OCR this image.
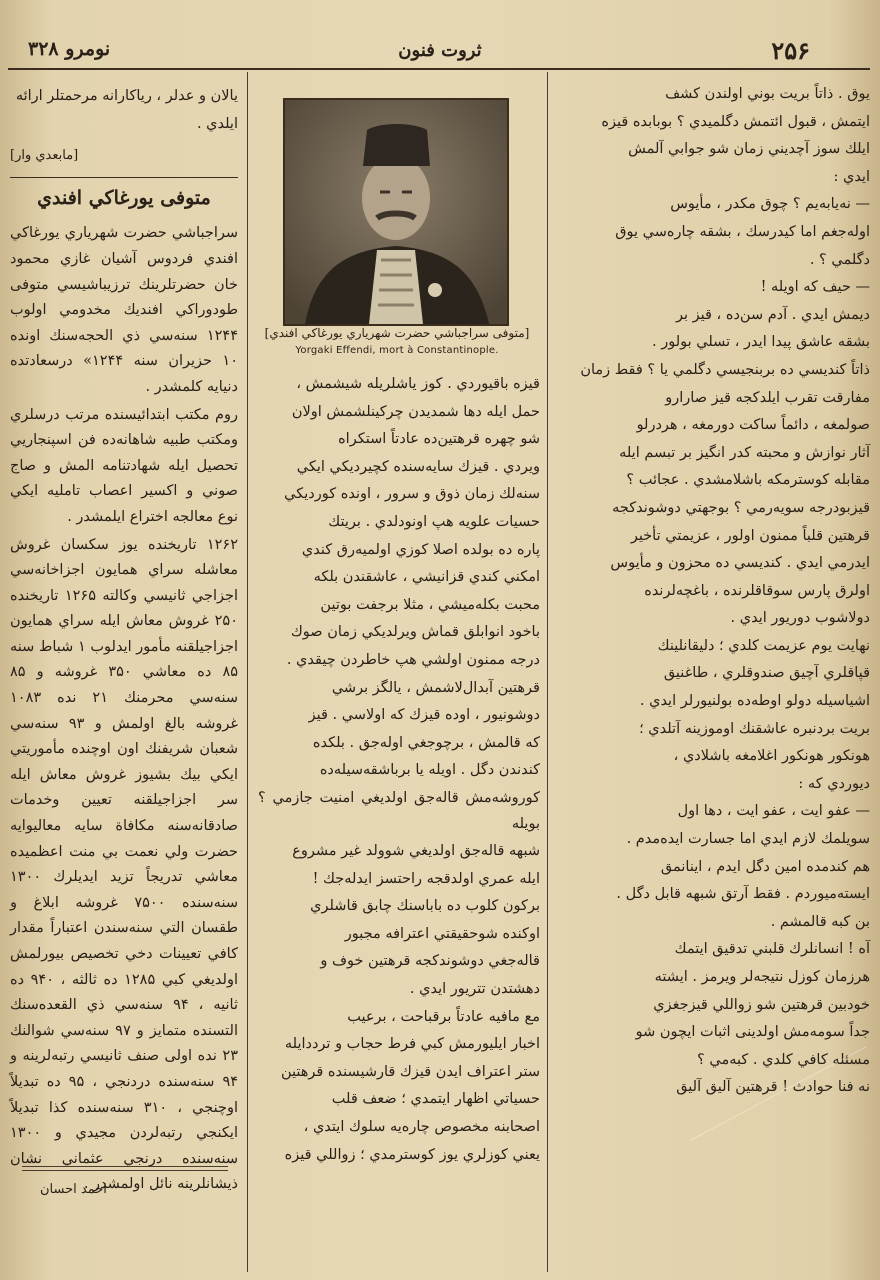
۲۵۶
ثروت فنون
نومرو ۳۲۸

يوق . ذاتاً بريت بوني اولندن كشف

ايتمش ، قبول ائتمش دگلميدي ؟ بوبابده قيزه

ايلك سوز آچديني زمان شو جوابي آلمش

ايدي :

— نه‌يابه‌يم ؟ چوق مكدر ، مأيوس

اوله‌جغم اما كيدرسك ، بشقه چاره‌سي يوق

دگلمي ؟ .

— حيف كه اويله !

ديمش ايدي . آدم سن‌ده ، قيز بر

بشقه عاشق پيدا ايدر ، تسلي بولور .

ذاتاً كنديسي ده بربنجيسي دگلمي يا ؟ فقط زمان

مفارقت تقرب ايلدكجه قيز صارارو

صولمغه ، دائماً ساكت دورمغه ، هردرلو

آثار نوازش و محبته كدر انگيز بر تبسم ايله

مقابله كوسترمكه باشلامشدي . عجائب ؟

قيزبودرجه سويه‌رمي ؟ بوجهتي دوشوندكجه

قرهتين قلباً ممنون اولور ، عزيمتي تأخير

ايدرمي ايدي . كنديسي ده محزون و مأيوس

اولرق پارس سوقاقلرنده ، باغچه‌لرنده

دولاشوب دوريور ايدي .

نهايت يوم عزيمت كلدي ؛ دليقانلينك

قپاقلري آچيق صندوقلري ، طاغنيق

اشياسيله دولو اوطه‌ده بولنيورلر ايدي .

بريت بردنبره عاشقنك اوموزينه آتلدي ؛

هونكور هونكور اغلامغه باشلادي ،

ديوردي كه :

— عفو ايت ، عفو ايت ، دها اول

سويلمك لازم ايدي اما جسارت ايده‌مدم .

هم كندمده امين دگل ايدم ، اينانمق

ايسته‌ميوردم . فقط آرتق شبهه قابل دگل .

بن كبه قالمشم .

آه ! انسانلرك قلبني تدقيق ايتمك

هرزمان كوزل نتيجه‌لر ويرمز . ايشته

خودبين قرهتين شو زواللي قيزجغزي

جداً سومه‌مش اولدينى اثبات ايچون شو

مسئله كافي كلدي . كبه‌مي ؟

نه فنا حوادث ! قرهتين آليق آليق

[متوفى سراجباشي حضرت شهرياري يورغاكي افندي]
Yorgaki Effendi, mort à Constantinople.

قيزه باقيوردي . كوز ياشلريله شيشمش ،

حمل ايله دها شمديدن چركينلشمش اولان

شو چهره قرهتين‌ده عادتاً استكراه

ويردي . قيزك سايه‌سنده كچيرديكي ايكي

سنه‌لك زمان ذوق و سرور ، اونده كورديكي

حسيات علويه هپ اونودلدي . بريتك

پاره ده بولده اصلا كوزي اولميه‌رق كندي

امكني كندي قزانيشي ، عاشقندن بلكه

محبت بكله‌ميشي ، مثلا برجفت بوتين

باخود انوابلق قماش ويرلديكي زمان صوك

درجه ممنون اولشي هپ خاطردن چيقدي .

قرهتين آبدال‌لاشمش ، يالگز برشي

دوشونيور ، اوده قيزك كه اولاسي . قيز

كه قالمش ، برچوجغي اوله‌جق . بلكده

كندندن دگل . اويله يا برباشقه‌سيله‌ده

كوروشه‌مش قاله‌جق اولديغي امنيت جازمي ؟ بويله

شبهه قاله‌جق اولديغي شوولد غير مشروع

ايله عمري اولدقجه راحتسز ايدله‌جك !

بركون كلوب ده باباسنك چابق قاشلري

اوكنده شوحقيقتي اعترافه مجبور

قاله‌جغي دوشوندكجه قرهتين خوف و

دهشتدن تتريور ايدي .

مع مافيه عادتاً برقباحت ، برعيب

اخبار ايليورمش كبي فرط حجاب و ترددايله

ستر اعتراف ايدن قيزك قارشيسنده قرهتين

حسياتي اظهار ايتمدي ؛ ضعف قلب

اصحابنه مخصوص چاره‌يه سلوك ايتدي ،

يعني كوزلري يوز كوسترمدي ؛ زواللي قيزه

يالان و عدلر ، رياكارانه مرحمتلر ارائه

ايلدي .

[مابعدي وار]
متوفى يورغاكي افندي

سراجباشي حضرت شهرياري يورغاكي افندي فردوس آشيان غازي محمود خان حضرتلرينك ترزيباشيسي متوفى طودوراكي افنديك مخدومي اولوب ۱۲۴۴ سنه‌سي ذي الحجه‌سنك اونده ۱۰ حزيران سنه ۱۲۴۴» درسعادتده دنيايه كلمشدر .

روم مكتب ابتدائيسنده مرتب درسلري ومكتب طبيه شاهانه‌ده فن اسپنجاريي تحصيل ايله شهادتنامه المش و صاج صوني و اكسير اعصاب تامليه ايكي نوع معالجه اختراع ايلمشدر .

۱۲۶۲ تاريخنده يوز سكسان غروش معاشله سراي همايون اجزاخانه‌سي اجزاجي ثانيسي وكالته ۱۲۶۵ تاريخنده ۲۵۰ غروش معاش ايله سراي همايون اجزاجيلقنه مأمور ايدلوب ۱ شباط سنه ۸۵ ده معاشي ۳۵۰ غروشه و ۸۵ سنه‌سي محرمنك ۲۱ نده ۱۰۸۳ غروشه بالغ اولمش و ۹۳ سنه‌سي شعبان شريفنك اون اوچنده مأموريتي ايكي بيك بشيوز غروش معاش ايله سر اجزاجيلقنه تعيين وخدمات صادقانه‌سنه مكافاة سايه معاليوايه حضرت ولي نعمت بي منت اعظميده معاشي تدريجاً تزيد ايديلرك ۱۳۰۰ سنه‌سنده ۷۵۰۰ غروشه ابلاغ و طقسان التي سنه‌سندن اعتباراً مقدار كافي تعيينات دخي تخصيص بيورلمش اولديغي كبي ۱۲۸۵ ده ثالثه ، ۹۴۰ ده ثانيه ، ۹۴ سنه‌سي ذي القعده‌سنك التسنده متمايز و ۹۷ سنه‌سي شوالنك ۲۳ نده اولى صنف ثانيسي رتبه‌لرينه و ۹۴ سنه‌سنده دردنجي ، ۹۵ ده تبديلاً اوچنجي ، ۳۱۰ سنه‌سنده كذا تبديلاً ايكنجي رتبه‌لردن مجيدي و ۱۳۰۰ سنه‌سنده درنجي عثماني نشان ذيشانلرينه نائل اولمشدر .

احمد احسان
